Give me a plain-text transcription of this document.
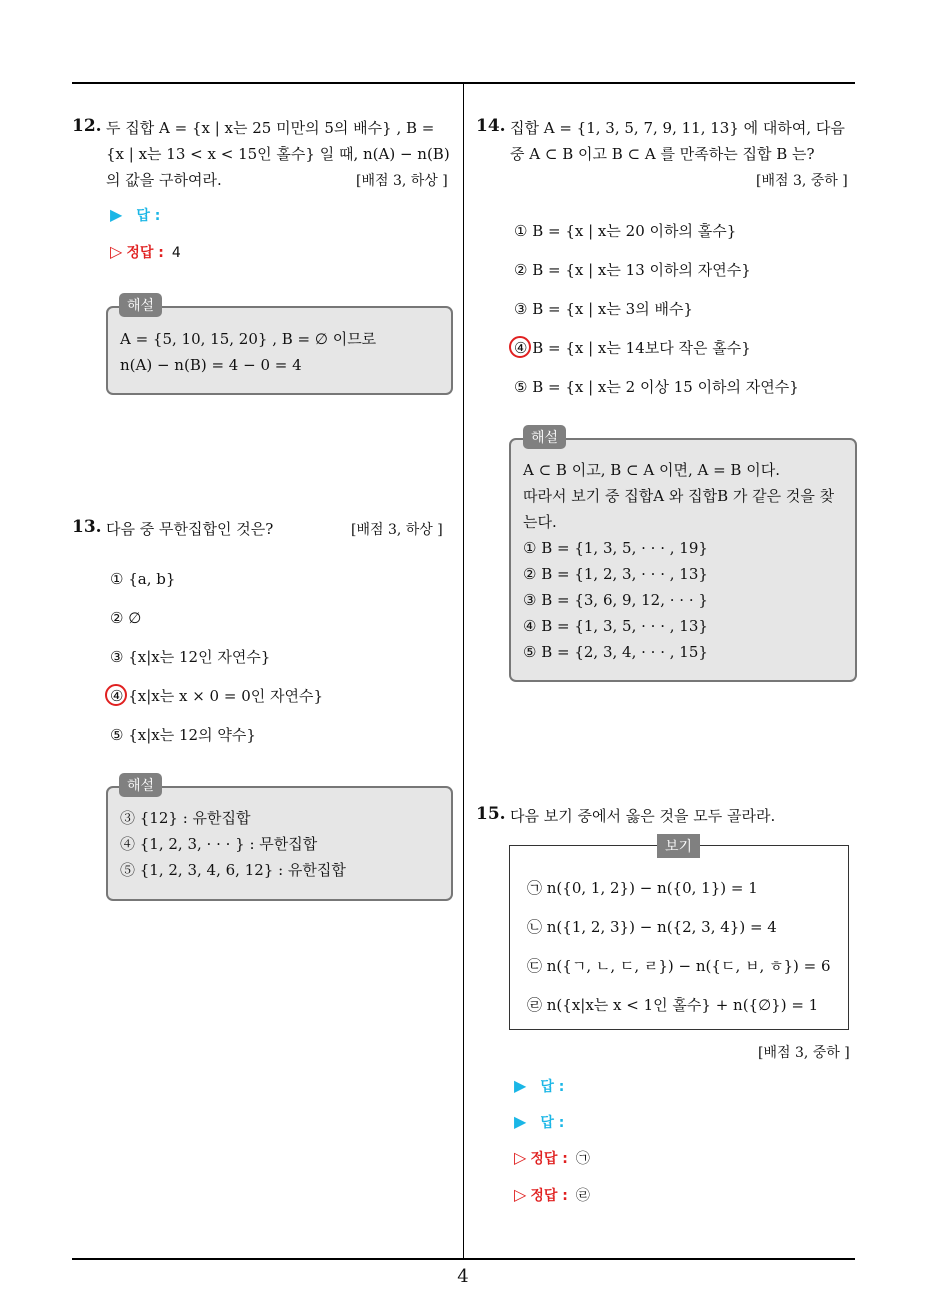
12. 두 집합 A = {x | x는 25 미만의 5의 배수} , B =
{x | x는 13 < x < 15인 홀수} 일 때, n(A) − n(B)
의 값을 구하여라.	[배점 3, 하상 ]
▶ 답 :
▷ 정답 : 4
A = {5, 10, 15, 20} , B = ∅ 이므로
n(A) − n(B) = 4 − 0 = 4
해설
13. 다음 중 무한집합인 것은?	[배점 3, 하상 ]
① {a, b}
② ∅
③ {x|x는 12인 자연수}
④ {x|x는 x × 0 = 0인 자연수}
⑤ {x|x는 12의 약수}
③ {12} : 유한집합
④ {1, 2, 3, · · · } : 무한집합
⑤ {1, 2, 3, 4, 6, 12} : 유한집합
해설
14. 집합 A = {1, 3, 5, 7, 9, 11, 13} 에 대하여, 다음
중 A ⊂ B 이고 B ⊂ A 를 만족하는 집합 B 는?
[배점 3, 중하 ]
① B = {x | x는 20 이하의 홀수}
② B = {x | x는 13 이하의 자연수}
③ B = {x | x는 3의 배수}
④ B = {x | x는 14보다 작은 홀수}
⑤ B = {x | x는 2 이상 15 이하의 자연수}
A ⊂ B 이고, B ⊂ A 이면, A = B 이다.
따라서 보기 중 집합A 와 집합B 가 같은 것을 찾
는다.
① B = {1, 3, 5, · · · , 19}
② B = {1, 2, 3, · · · , 13}
③ B = {3, 6, 9, 12, · · · }
④ B = {1, 3, 5, · · · , 13}
⑤ B = {2, 3, 4, · · · , 15}
해설
15. 다음 보기 중에서 옳은 것을 모두 골라라.
㉠ n({0, 1, 2}) − n({0, 1}) = 1
㉡ n({1, 2, 3}) − n({2, 3, 4}) = 4
㉢ n({ㄱ, ㄴ, ㄷ, ㄹ}) − n({ㄷ, ㅂ, ㅎ}) = 6
㉣ n({x|x는 x < 1인 홀수} + n({∅}) = 1
보기
[배점 3, 중하 ]
▶ 답 :
▶ 답 :
▷ 정답 : ㉠
▷ 정답 : ㉣
4
